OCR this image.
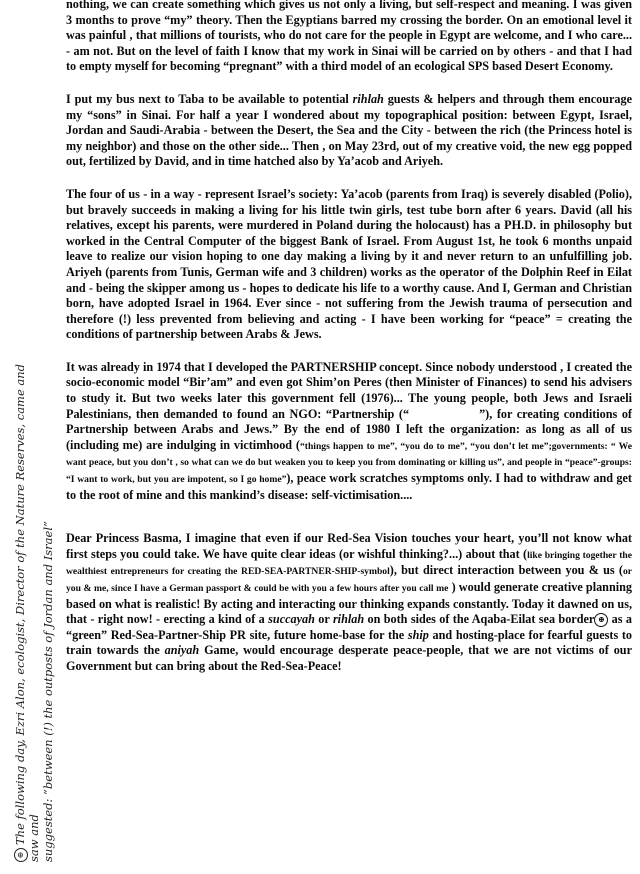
nothing, we can create something which gives us not only a living, but self-respect and meaning. I was given 3 months to prove “my” theory. Then the Egyptians barred my crossing the border. On an emotional level it was painful , that millions of tourists, who do not care for the people in Egypt are welcome, and I who care... - am not. But on the level of faith I know that my work in Sinai will be carried on by others - and that I had to empty myself for becoming “pregnant” with a third model of an ecological SPS based Desert Economy.

I put my bus next to Taba to be available to potential rihlah guests & helpers and through them encourage my “sons” in Sinai. For half a year I wondered about my topographical position: between Egypt, Israel, Jordan and Saudi-Arabia - between the Desert, the Sea and the City - between the rich (the Princess hotel is my neighbor) and those on the other side... Then , on May 23rd, out of my creative void, the new egg popped out, fertilized by David, and in time hatched also by Ya’acob and Ariyeh.

The four of us - in a way - represent Israel’s society: Ya’acob (parents from Iraq) is severely disabled (Polio), but bravely succeeds in making a living for his little twin girls, test tube born after 6 years. David (all his relatives, except his parents, were murdered in Poland during the holocaust) has a PH.D. in philosophy but worked in the Central Computer of the biggest Bank of Israel. From August 1st, he took 6 months unpaid leave to realize our vision hoping to one day making a living by it and never return to an unfulfilling job. Ariyeh (parents from Tunis, German wife and 3 children) works as the operator of the Dolphin Reef in Eilat and - being the skipper among us - hopes to dedicate his life to a worthy cause. And I, German and Christian born, have adopted Israel in 1964. Ever since - not suffering from the Jewish trauma of persecution and therefore (!) less prevented from believing and acting - I have been working for “peace” = creating the conditions of partnership between Arabs & Jews.

It was already in 1974 that I developed the PARTNERSHIP concept. Since nobody understood , I created the socio-economic model “Bir’am” and even got Shim’on Peres (then Minister of Finances) to send his advisers to study it. But two weeks later this government fell (1976)... The young people, both Jews and Israeli Palestinians, then demanded to found an NGO: “Partnership (“	”), for creating conditions of Partnership between Arabs and Jews.” By the end of 1980 I left the organization: as long as all of us (including me) are indulging in victimhood (“things happen to me”, “you do to me”, “you don’t let me”;governments: “ We want peace, but you don’t , so what can we do but weaken you to keep you from dominating or killing us”, and people in “peace”-groups: “I want to work, but you are impotent, so I go home”), peace work scratches symptoms only. I had to withdraw and get to the root of mine and this mankind’s disease: self-victimisation....

Dear Princess Basma, I imagine that even if our Red-Sea Vision touches your heart, you’ll not know what first steps you could take. We have quite clear ideas (or wishful thinking?...) about that (like bringing together the wealthiest entrepreneurs for creating the RED-SEA-PARTNER-SHIP-symbol), but direct interaction between you & us (or you & me, since I have a German passport & could be with you a few hours after you call me ) would generate creative planning based on what is realistic! By acting and interacting our thinking expands constantly. Today it dawned on us, that - right now! - erecting a kind of a succayah or rihlah on both sides of the Aqaba-Eilat sea border ⊕ as a “green” Red-Sea-Partner-Ship PR site, future home-base for the ship and hosting-place for fearful guests to train towards the aniyah Game, would encourage desperate peace-people, that we are not victims of our Government but can bring about the Red-Sea-Peace!

⊕The following day, Ezri Alon, ecologist, Director of the Nature Reserves, came and saw and
suggested: “between (!) the outposts of Jordan and Israel”
